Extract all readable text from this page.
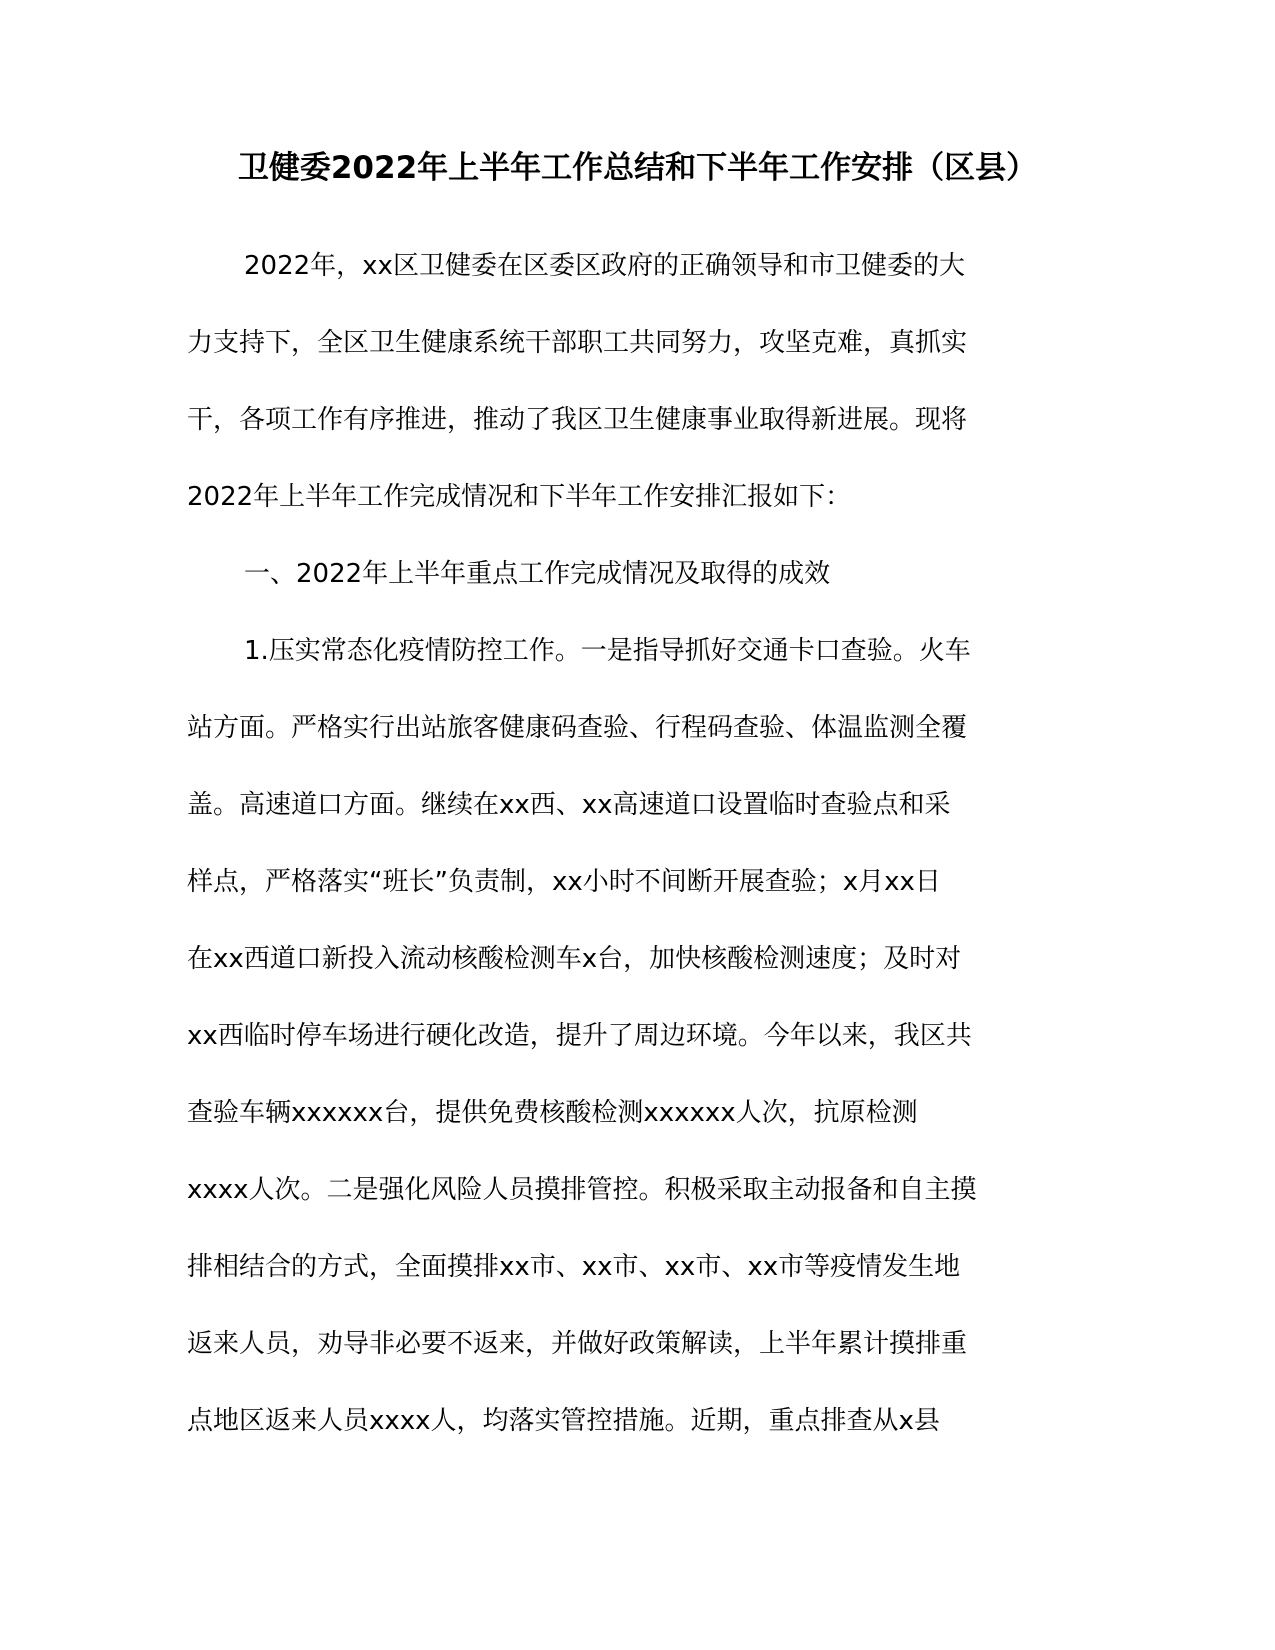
卫健委2022年上半年工作总结和下半年工作安排（区县）
2022年，xx区卫健委在区委区政府的正确领导和市卫健委的大
力支持下，全区卫生健康系统干部职工共同努力，攻坚克难，真抓实
干，各项工作有序推进，推动了我区卫生健康事业取得新进展。现将
2022年上半年工作完成情况和下半年工作安排汇报如下：
一、2022年上半年重点工作完成情况及取得的成效
1.压实常态化疫情防控工作。一是指导抓好交通卡口查验。火车
站方面。严格实行出站旅客健康码查验、行程码查验、体温监测全覆
盖。高速道口方面。继续在xx西、xx高速道口设置临时查验点和采
样点，严格落实“班长”负责制，xx小时不间断开展查验；x月xx日
在xx西道口新投入流动核酸检测车x台，加快核酸检测速度；及时对
xx西临时停车场进行硬化改造，提升了周边环境。今年以来，我区共
查验车辆xxxxxx台，提供免费核酸检测xxxxxx人次，抗原检测
xxxx人次。二是强化风险人员摸排管控。积极采取主动报备和自主摸
排相结合的方式，全面摸排xx市、xx市、xx市、xx市等疫情发生地
返来人员，劝导非必要不返来，并做好政策解读，上半年累计摸排重
点地区返来人员xxxx人，均落实管控措施。近期，重点排查从x县
